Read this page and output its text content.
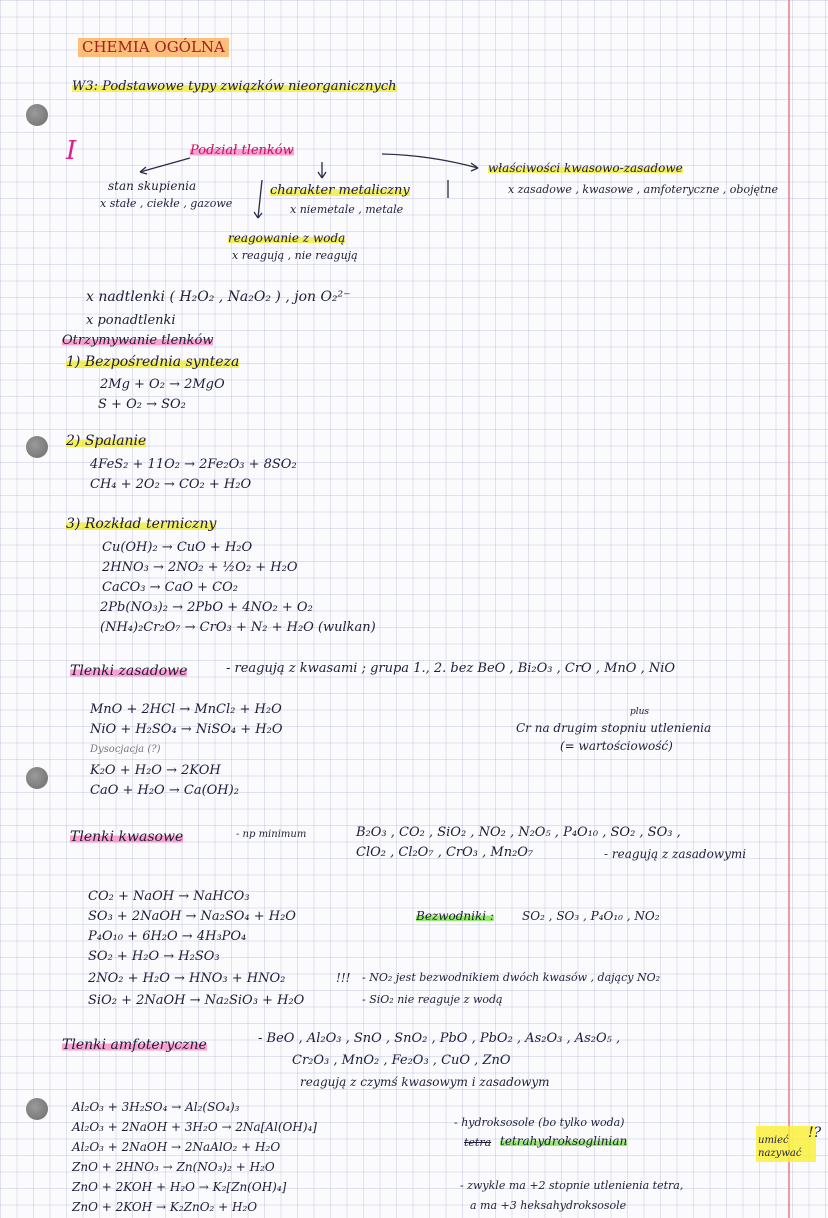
CHEMIA OGÓLNA
W3: Podstawowe typy związków nieorganicznych
I	Podział tlenków
stan skupienia
x stałe , ciekłe , gazowe
charakter metaliczny
x niemetale , metale
reagowanie z wodą
x reagują , nie reagują
właściwości kwasowo-zasadowe
x zasadowe , kwasowe , amfoteryczne , obojętne
x nadtlenki ( H₂O₂ , Na₂O₂ ) , jon O₂²⁻
x ponadtlenki
Otrzymywanie tlenków
1) Bezpośrednia synteza
2Mg + O₂ → 2MgO
S + O₂ → SO₂
2) Spalanie
4FeS₂ + 11O₂ → 2Fe₂O₃ + 8SO₂
CH₄ + 2O₂ → CO₂ + H₂O
3) Rozkład termiczny
Cu(OH)₂ → CuO + H₂O
2HNO₃ → 2NO₂ + ½O₂ + H₂O
CaCO₃ → CaO + CO₂
2Pb(NO₃)₂ → 2PbO + 4NO₂ + O₂
(NH₄)₂Cr₂O₇ → CrO₃ + N₂ + H₂O (wulkan)
Tlenki zasadowe	- reagują z kwasami ; grupa 1., 2. bez BeO , Bi₂O₃ , CrO , MnO , NiO
MnO + 2HCl → MnCl₂ + H₂O
NiO + H₂SO₄ → NiSO₄ + H₂O
Dysocjacja (?)
K₂O + H₂O → 2KOH
CaO + H₂O → Ca(OH)₂
plus
Cr na drugim stopniu utlenienia
(= wartościowość)
Tlenki kwasowe	- np minimum	B₂O₃ , CO₂ , SiO₂ , NO₂ , N₂O₅ , P₄O₁₀ , SO₂ , SO₃ ,
ClO₂ , Cl₂O₇ , CrO₃ , Mn₂O₇	- reagują z zasadowymi
CO₂ + NaOH → NaHCO₃
SO₃ + 2NaOH → Na₂SO₄ + H₂O
P₄O₁₀ + 6H₂O → 4H₃PO₄
SO₂ + H₂O → H₂SO₃
2NO₂ + H₂O → HNO₃ + HNO₂
SiO₂ + 2NaOH → Na₂SiO₃ + H₂O
Bezwodniki : SO₂ , SO₃ , P₄O₁₀ , NO₂
!!! - NO₂ jest bezwodnikiem dwóch kwasów , dający NO₂
- SiO₂ nie reaguje z wodą
Tlenki amfoteryczne	- BeO , Al₂O₃ , SnO , SnO₂ , PbO , PbO₂ , As₂O₃ , As₂O₅ ,
Cr₂O₃ , MnO₂ , Fe₂O₃ , CuO , ZnO
reagują z czymś kwasowym i zasadowym
Al₂O₃ + 3H₂SO₄ → Al₂(SO₄)₃
Al₂O₃ + 2NaOH + 3H₂O → 2Na[Al(OH)₄]
Al₂O₃ + 2NaOH → 2NaAlO₂ + H₂O
ZnO + 2HNO₃ → Zn(NO₃)₂ + H₂O
ZnO + 2KOH + H₂O → K₂[Zn(OH)₄]
ZnO + 2KOH → K₂ZnO₂ + H₂O
- hydroksosole (bo tylko woda)
tetra tetrahydroksoglinian
- zwykle ma +2 stopnie utlenienia tetra,
a ma +3 heksahydroksosole
umieć nazywać
!?
